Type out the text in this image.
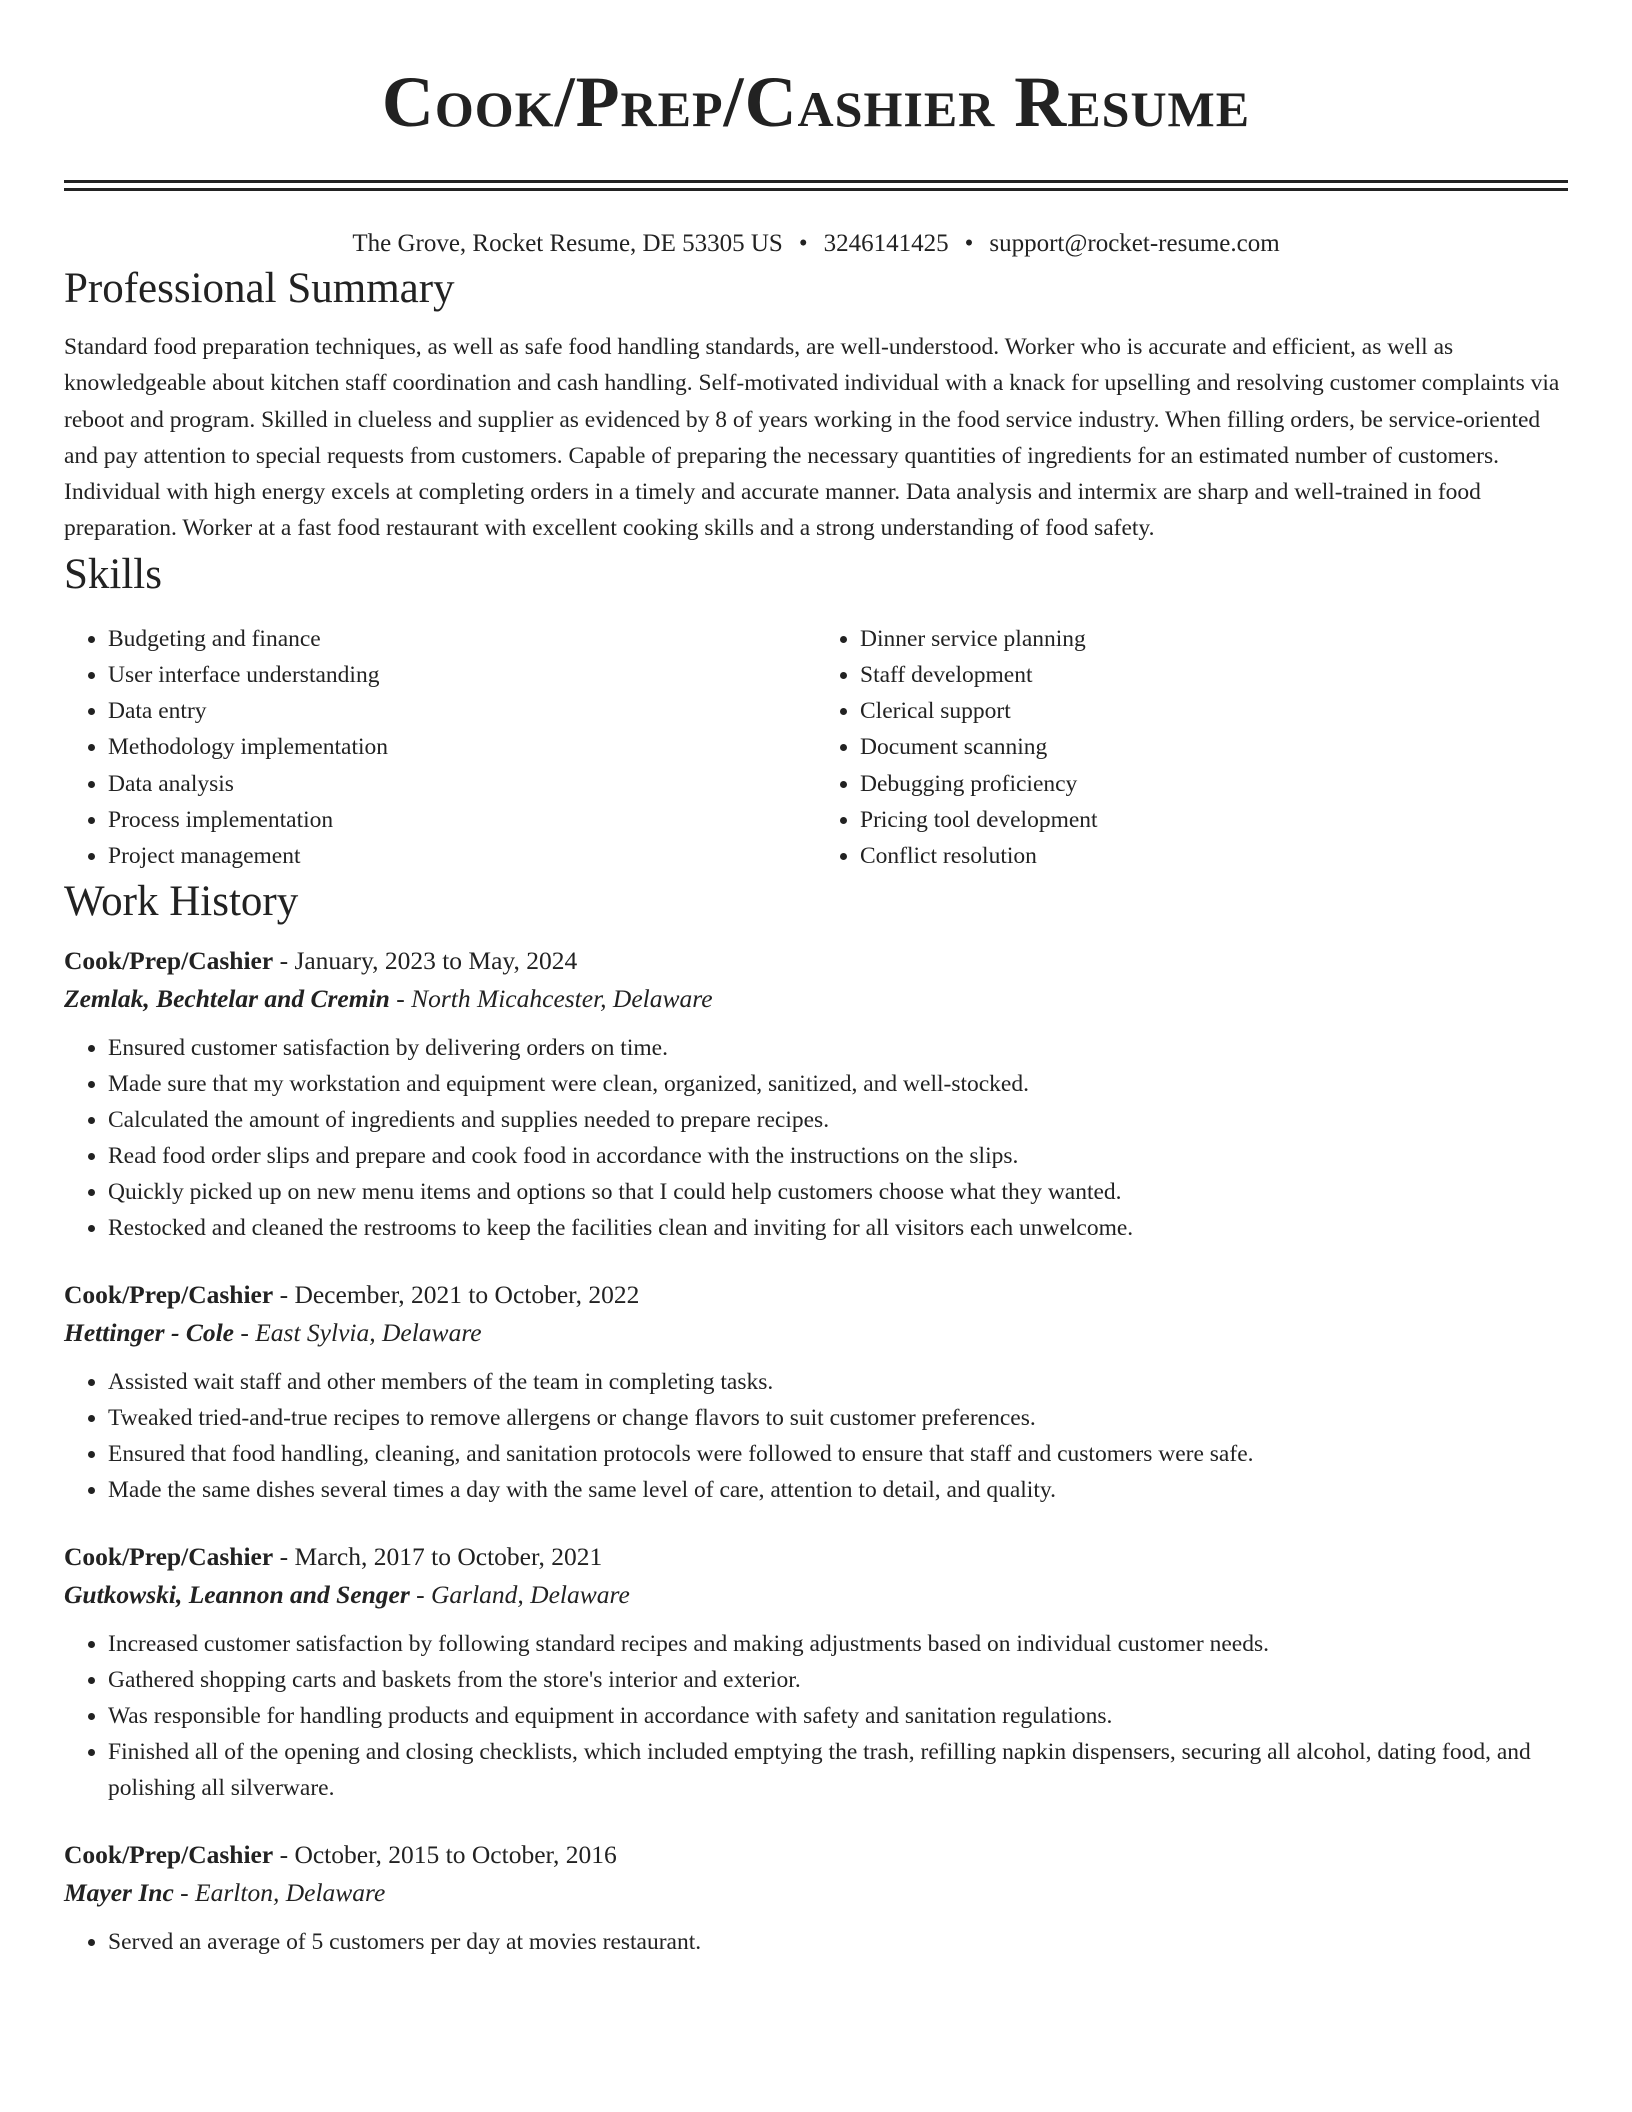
Cook/Prep/Cashier Resume
The Grove, Rocket Resume, DE 53305 US • 3246141425 • support@rocket-resume.com
Professional Summary

Standard food preparation techniques, as well as safe food handling standards, are well-understood. Worker who is accurate and efficient, as well as knowledgeable about kitchen staff coordination and cash handling. Self-motivated individual with a knack for upselling and resolving customer complaints via reboot and program. Skilled in clueless and supplier as evidenced by 8 of years working in the food service industry. When filling orders, be service-oriented and pay attention to special requests from customers. Capable of preparing the necessary quantities of ingredients for an estimated number of customers. Individual with high energy excels at completing orders in a timely and accurate manner. Data analysis and intermix are sharp and well-trained in food preparation. Worker at a fast food restaurant with excellent cooking skills and a strong understanding of food safety.

Skills
• Budgeting and finance
• User interface understanding
• Data entry
• Methodology implementation
• Data analysis
• Process implementation
• Project management
• Dinner service planning
• Staff development
• Clerical support
• Document scanning
• Debugging proficiency
• Pricing tool development
• Conflict resolution
Work History
Cook/Prep/Cashier - January, 2023 to May, 2024
Zemlak, Bechtelar and Cremin - North Micahcester, Delaware
• Ensured customer satisfaction by delivering orders on time.
• Made sure that my workstation and equipment were clean, organized, sanitized, and well-stocked.
• Calculated the amount of ingredients and supplies needed to prepare recipes.
• Read food order slips and prepare and cook food in accordance with the instructions on the slips.
• Quickly picked up on new menu items and options so that I could help customers choose what they wanted.
• Restocked and cleaned the restrooms to keep the facilities clean and inviting for all visitors each unwelcome.
Cook/Prep/Cashier - December, 2021 to October, 2022
Hettinger - Cole - East Sylvia, Delaware
• Assisted wait staff and other members of the team in completing tasks.
• Tweaked tried-and-true recipes to remove allergens or change flavors to suit customer preferences.
• Ensured that food handling, cleaning, and sanitation protocols were followed to ensure that staff and customers were safe.
• Made the same dishes several times a day with the same level of care, attention to detail, and quality.
Cook/Prep/Cashier - March, 2017 to October, 2021
Gutkowski, Leannon and Senger - Garland, Delaware
• Increased customer satisfaction by following standard recipes and making adjustments based on individual customer needs.
• Gathered shopping carts and baskets from the store's interior and exterior.
• Was responsible for handling products and equipment in accordance with safety and sanitation regulations.
• Finished all of the opening and closing checklists, which included emptying the trash, refilling napkin dispensers, securing all alcohol, dating food, and polishing all silverware.
Cook/Prep/Cashier - October, 2015 to October, 2016
Mayer Inc - Earlton, Delaware
• Served an average of 5 customers per day at movies restaurant.
